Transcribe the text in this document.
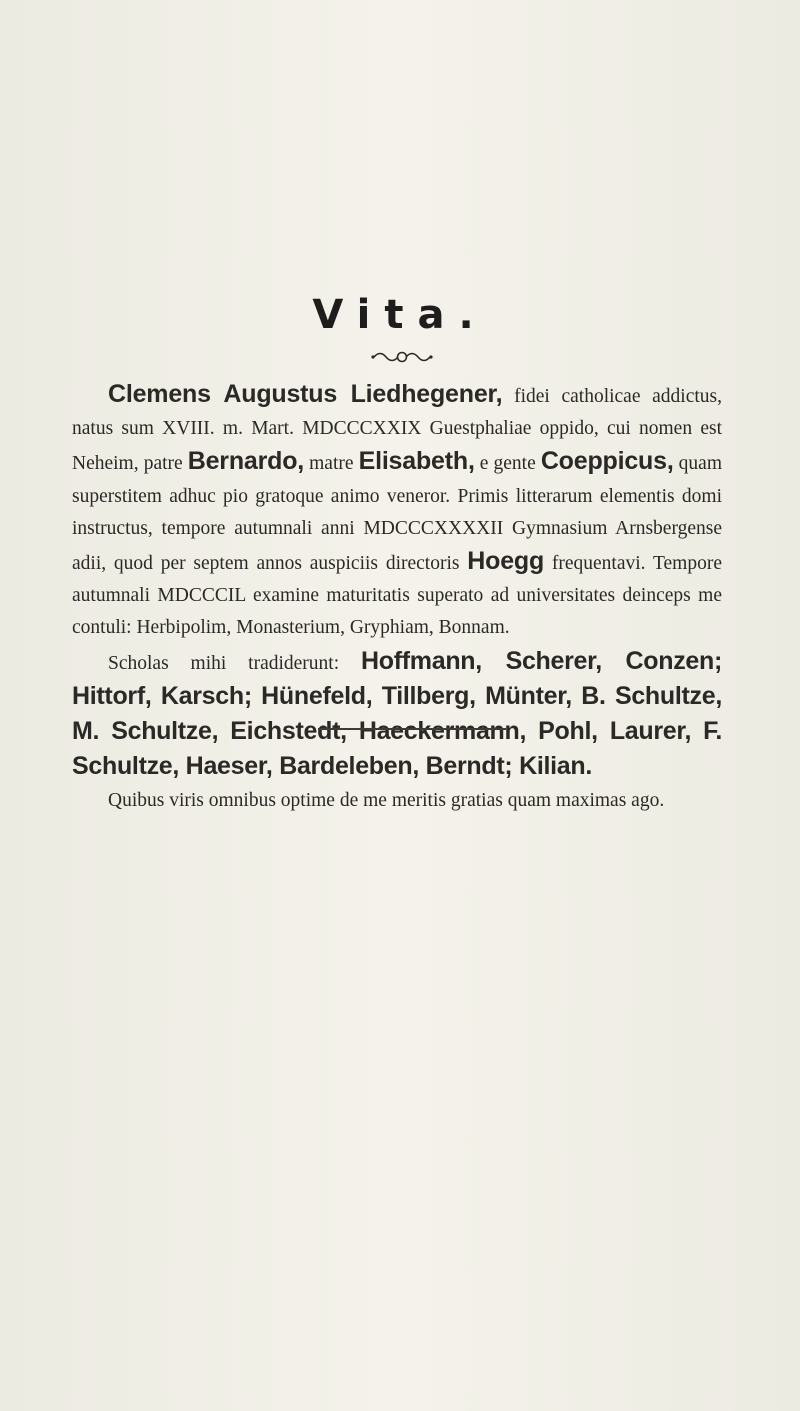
Vita.

Clemens Augustus Liedhegener, fidei catholicae addictus, natus sum XVIII. m. Mart. MDCCCXXIX Guestphaliae oppido, cui nomen est Neheim, patre Bernardo, matre Elisabeth, e gente Coeppicus, quam superstitem adhuc pio gratoque animo veneror. Primis litterarum elementis domi instructus, tempore autumnali anni MDCCCXXXXII Gymnasium Arnsbergense adii, quod per septem annos auspiciis directoris Hoegg frequentavi. Tempore autumnali MDCCCIL examine maturitatis superato ad universitates deinceps me contuli: Herbipolim, Monasterium, Gryphiam, Bonnam.

Scholas mihi tradiderunt: Hoffmann, Scherer, Conzen; Hittorf, Karsch; Hünefeld, Tillberg, Münter, B. Schultze, M. Schultze, Eichstedt, Haeckermann, Pohl, Laurer, F. Schultze, Haeser, Bardeleben, Berndt; Kilian.

Quibus viris omnibus optime de me meritis gratias quam maximas ago.
